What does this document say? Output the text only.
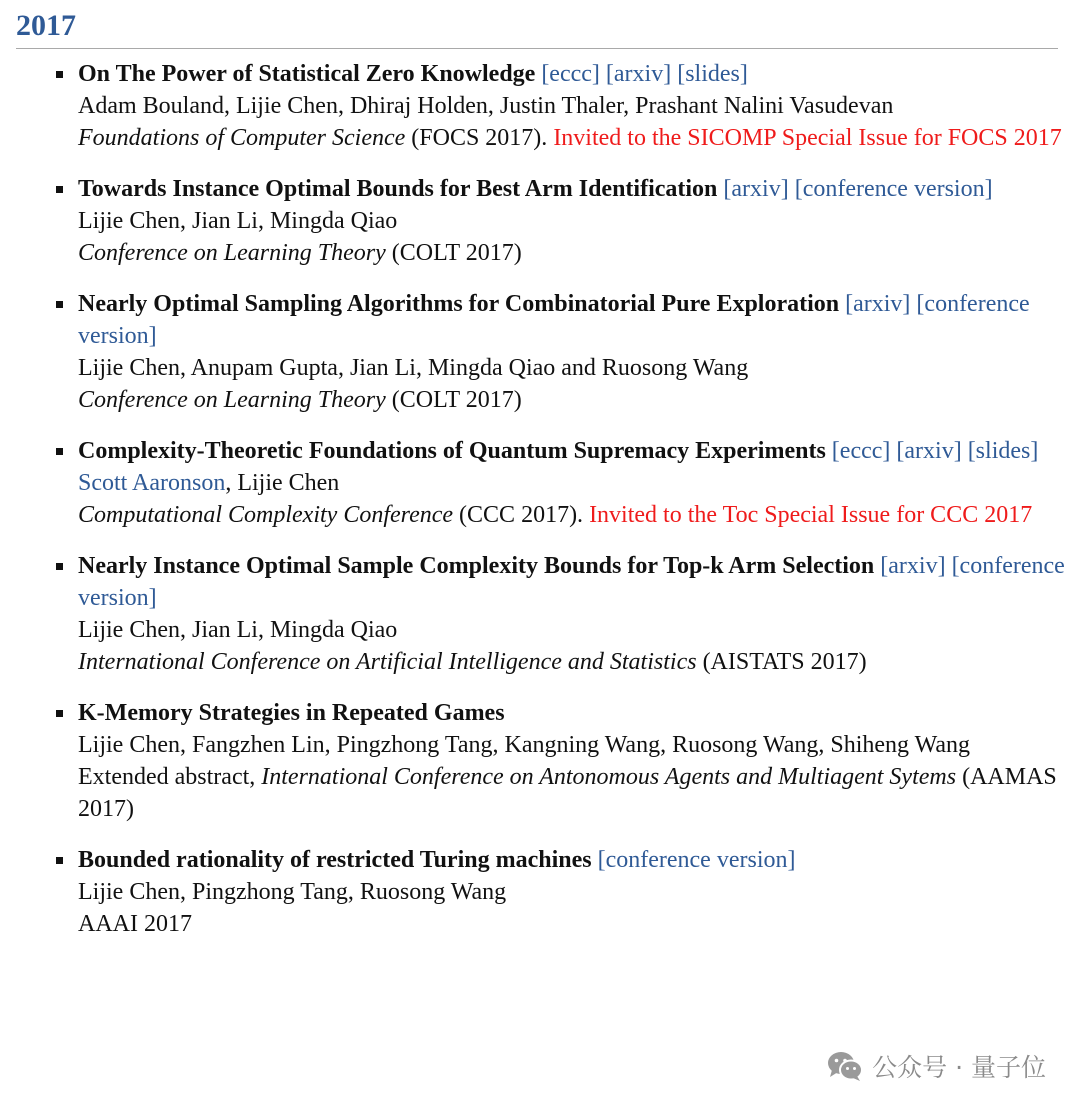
2017
On The Power of Statistical Zero Knowledge [eccc] [arxiv] [slides]
Adam Bouland, Lijie Chen, Dhiraj Holden, Justin Thaler, Prashant Nalini Vasudevan
Foundations of Computer Science (FOCS 2017). Invited to the SICOMP Special Issue for FOCS 2017
Towards Instance Optimal Bounds for Best Arm Identification [arxiv] [conference version]
Lijie Chen, Jian Li, Mingda Qiao
Conference on Learning Theory (COLT 2017)
Nearly Optimal Sampling Algorithms for Combinatorial Pure Exploration [arxiv] [conference version]
Lijie Chen, Anupam Gupta, Jian Li, Mingda Qiao and Ruosong Wang
Conference on Learning Theory (COLT 2017)
Complexity-Theoretic Foundations of Quantum Supremacy Experiments [eccc] [arxiv] [slides]
Scott Aaronson, Lijie Chen
Computational Complexity Conference (CCC 2017). Invited to the Toc Special Issue for CCC 2017
Nearly Instance Optimal Sample Complexity Bounds for Top-k Arm Selection [arxiv] [conference version]
Lijie Chen, Jian Li, Mingda Qiao
International Conference on Artificial Intelligence and Statistics (AISTATS 2017)
K-Memory Strategies in Repeated Games
Lijie Chen, Fangzhen Lin, Pingzhong Tang, Kangning Wang, Ruosong Wang, Shiheng Wang
Extended abstract, International Conference on Antonomous Agents and Multiagent Sytems (AAMAS 2017)
Bounded rationality of restricted Turing machines [conference version]
Lijie Chen, Pingzhong Tang, Ruosong Wang
AAAI 2017
公众号 · 量子位
